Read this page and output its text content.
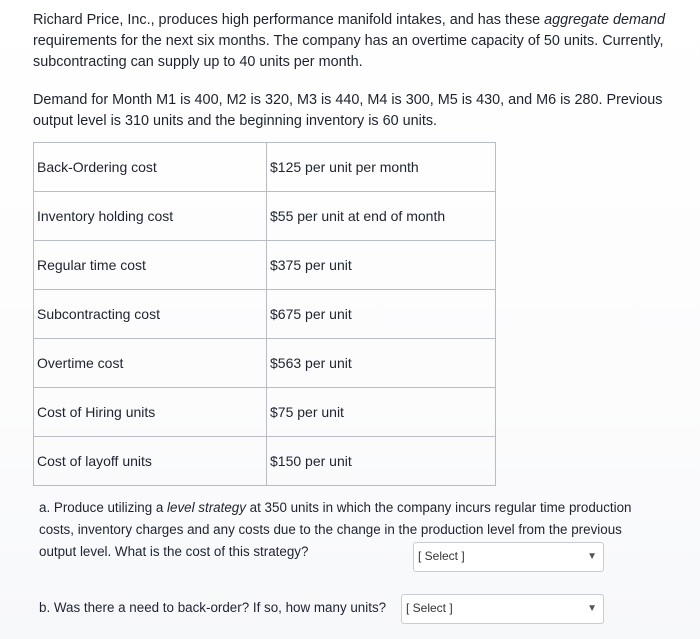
Richard Price, Inc., produces high performance manifold intakes, and has these aggregate demand requirements for the next six months. The company has an overtime capacity of 50 units. Currently, subcontracting can supply up to 40 units per month.
Demand for Month M1 is 400, M2 is 320, M3 is 440, M4 is 300, M5 is 430, and M6 is 280. Previous output level is 310 units and the beginning inventory is 60 units.
Back-Ordering cost	$125 per unit per month
Inventory holding cost	$55 per unit at end of month
Regular time cost	$375 per unit
Subcontracting cost	$675 per unit
Overtime cost	$563 per unit
Cost of Hiring units	$75 per unit
Cost of layoff units	$150 per unit
a. Produce utilizing a level strategy at 350 units in which the company incurs regular time production costs, inventory charges and any costs due to the change in the production level from the previous output level. What is the cost of this strategy?	[ Select ]	▼
b. Was there a need to back-order? If so, how many units?	[ Select ]	▼
